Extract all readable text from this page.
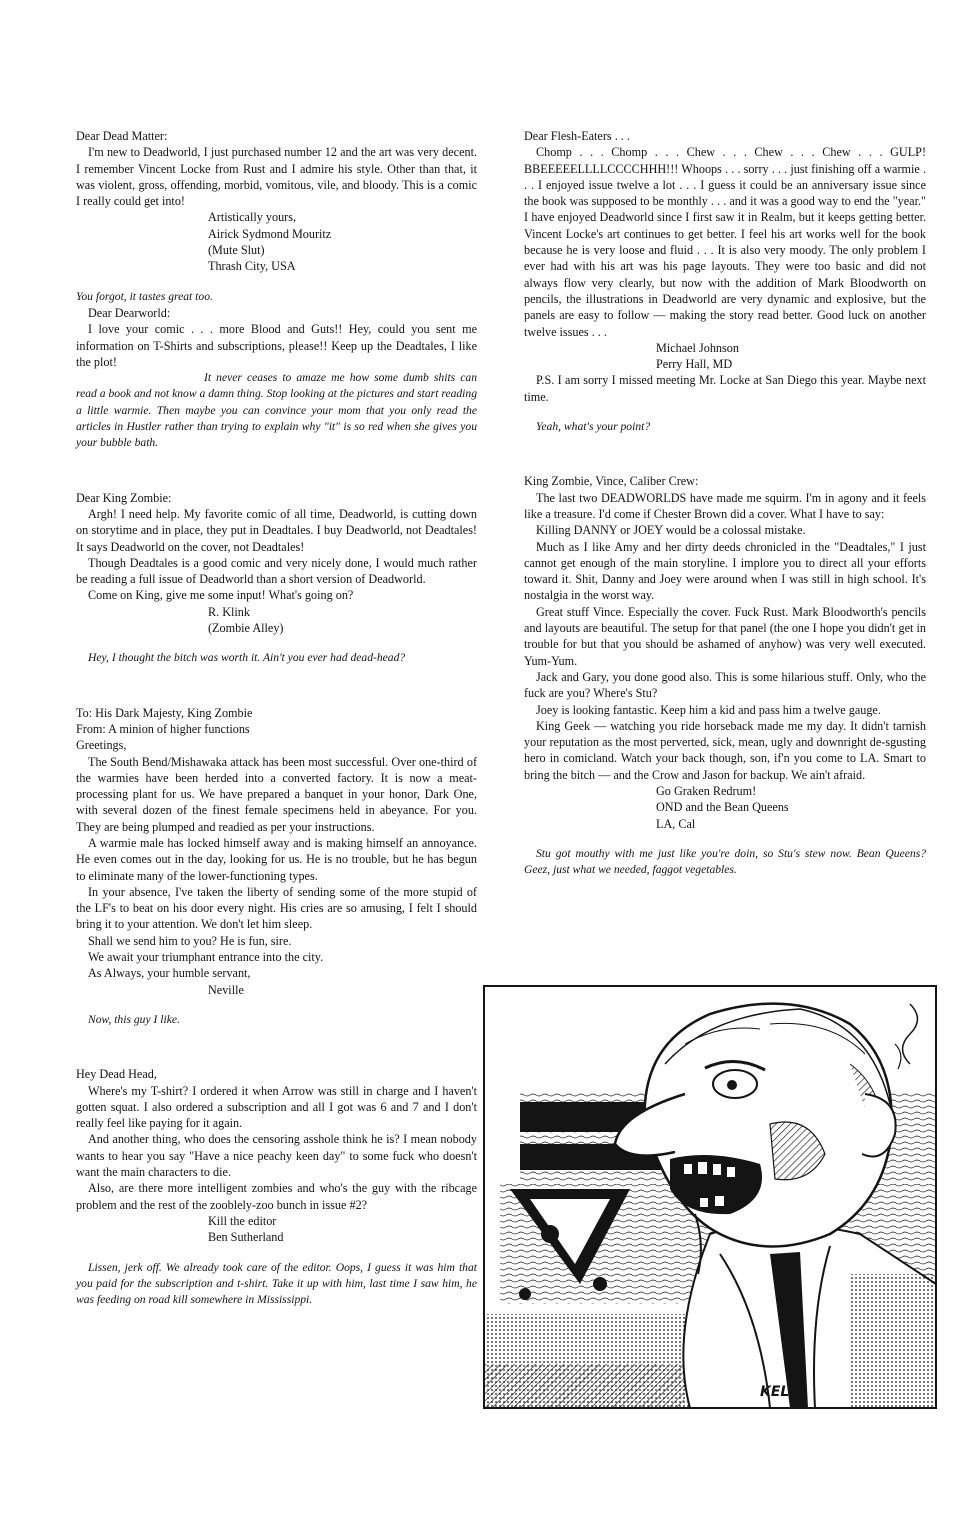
Dear Dead Matter:

I'm new to Deadworld, I just purchased number 12 and the art was very decent. I remember Vincent Locke from Rust and I admire his style. Other than that, it was violent, gross, offending, morbid, vomitous, vile, and bloody. This is a comic I really could get into!

Artistically yours,

Airick Sydmond Mouritz

(Mute Slut)

Thrash City, USA

You forgot, it tastes great too.

Dear Dearworld:

I love your comic . . . more Blood and Guts!! Hey, could you sent me information on T-Shirts and subscriptions, please!! Keep up the Deadtales, I like the plot!

It never ceases to amaze me how some dumb shits can read a book and not know a damn thing. Stop looking at the pictures and start reading a little warmie. Then maybe you can convince your mom that you only read the articles in Hustler rather than trying to explain why "it" is so red when she gives you your bubble bath.

Dear King Zombie:

Argh! I need help. My favorite comic of all time, Deadworld, is cutting down on storytime and in place, they put in Deadtales. I buy Deadworld, not Deadtales! It says Deadworld on the cover, not Deadtales!

Though Deadtales is a good comic and very nicely done, I would much rather be reading a full issue of Deadworld than a short version of Deadworld.

Come on King, give me some input! What's going on?

R. Klink

(Zombie Alley)

Hey, I thought the bitch was worth it. Ain't you ever had dead-head?

To: His Dark Majesty, King Zombie

From: A minion of higher functions

Greetings,

The South Bend/Mishawaka attack has been most successful. Over one-third of the warmies have been herded into a converted factory. It is now a meat-processing plant for us. We have prepared a banquet in your honor, Dark One, with several dozen of the finest female specimens held in abeyance. For you. They are being plumped and readied as per your instructions.

A warmie male has locked himself away and is making himself an annoyance. He even comes out in the day, looking for us. He is no trouble, but he has begun to eliminate many of the lower-functioning types.

In your absence, I've taken the liberty of sending some of the more stupid of the LF's to beat on his door every night. His cries are so amusing, I felt I should bring it to your attention. We don't let him sleep.

Shall we send him to you? He is fun, sire.

We await your triumphant entrance into the city.

As Always, your humble servant,

Neville

Now, this guy I like.

Hey Dead Head,

Where's my T-shirt? I ordered it when Arrow was still in charge and I haven't gotten squat. I also ordered a subscription and all I got was 6 and 7 and I don't really feel like paying for it again.

And another thing, who does the censoring asshole think he is? I mean nobody wants to hear you say "Have a nice peachy keen day" to some fuck who doesn't want the main characters to die.

Also, are there more intelligent zombies and who's the guy with the ribcage problem and the rest of the zooblely-zoo bunch in issue #2?

Kill the editor

Ben Sutherland

Lissen, jerk off. We already took care of the editor. Oops, I guess it was him that you paid for the subscription and t-shirt. Take it up with him, last time I saw him, he was feeding on road kill somewhere in Mississippi.

Dear Flesh-Eaters . . .

Chomp . . . Chomp . . . Chew . . . Chew . . . Chew . . . GULP! BBEEEEELLLLCCCCHHH!!! Whoops . . . sorry . . . just finishing off a warmie . . . I enjoyed issue twelve a lot . . . I guess it could be an anniversary issue since the book was supposed to be monthly . . . and it was a good way to end the "year." I have enjoyed Deadworld since I first saw it in Realm, but it keeps getting better. Vincent Locke's art continues to get better. I feel his art works well for the book because he is very loose and fluid . . . It is also very moody. The only problem I ever had with his art was his page layouts. They were too basic and did not always flow very clearly, but now with the addition of Mark Bloodworth on pencils, the illustrations in Deadworld are very dynamic and explosive, but the panels are easy to follow — making the story read better. Good luck on another twelve issues . . .

Michael Johnson

Perry Hall, MD

P.S. I am sorry I missed meeting Mr. Locke at San Diego this year. Maybe next time.

Yeah, what's your point?

King Zombie, Vince, Caliber Crew:

The last two DEADWORLDS have made me squirm. I'm in agony and it feels like a treasure. I'd come if Chester Brown did a cover. What I have to say:

Killing DANNY or JOEY would be a colossal mistake.

Much as I like Amy and her dirty deeds chronicled in the "Deadtales," I just cannot get enough of the main storyline. I implore you to direct all your efforts toward it. Shit, Danny and Joey were around when I was still in high school. It's nostalgia in the worst way.

Great stuff Vince. Especially the cover. Fuck Rust. Mark Bloodworth's pencils and layouts are beautiful. The setup for that panel (the one I hope you didn't get in trouble for but that you should be ashamed of anyhow) was very well executed. Yum-Yum.

Jack and Gary, you done good also. This is some hilarious stuff. Only, who the fuck are you? Where's Stu?

Joey is looking fantastic. Keep him a kid and pass him a twelve gauge.

King Geek — watching you ride horseback made me my day. It didn't tarnish your reputation as the most perverted, sick, mean, ugly and downright de-sgusting hero in comicland. Watch your back though, son, if'n you come to LA. Smart to bring the bitch — and the Crow and Jason for backup. We ain't afraid.

Go Graken Redrum!

OND and the Bean Queens

LA, Cal

Stu got mouthy with me just like you're doin, so Stu's stew now. Bean Queens? Geez, just what we needed, faggot vegetables.

KELLY
